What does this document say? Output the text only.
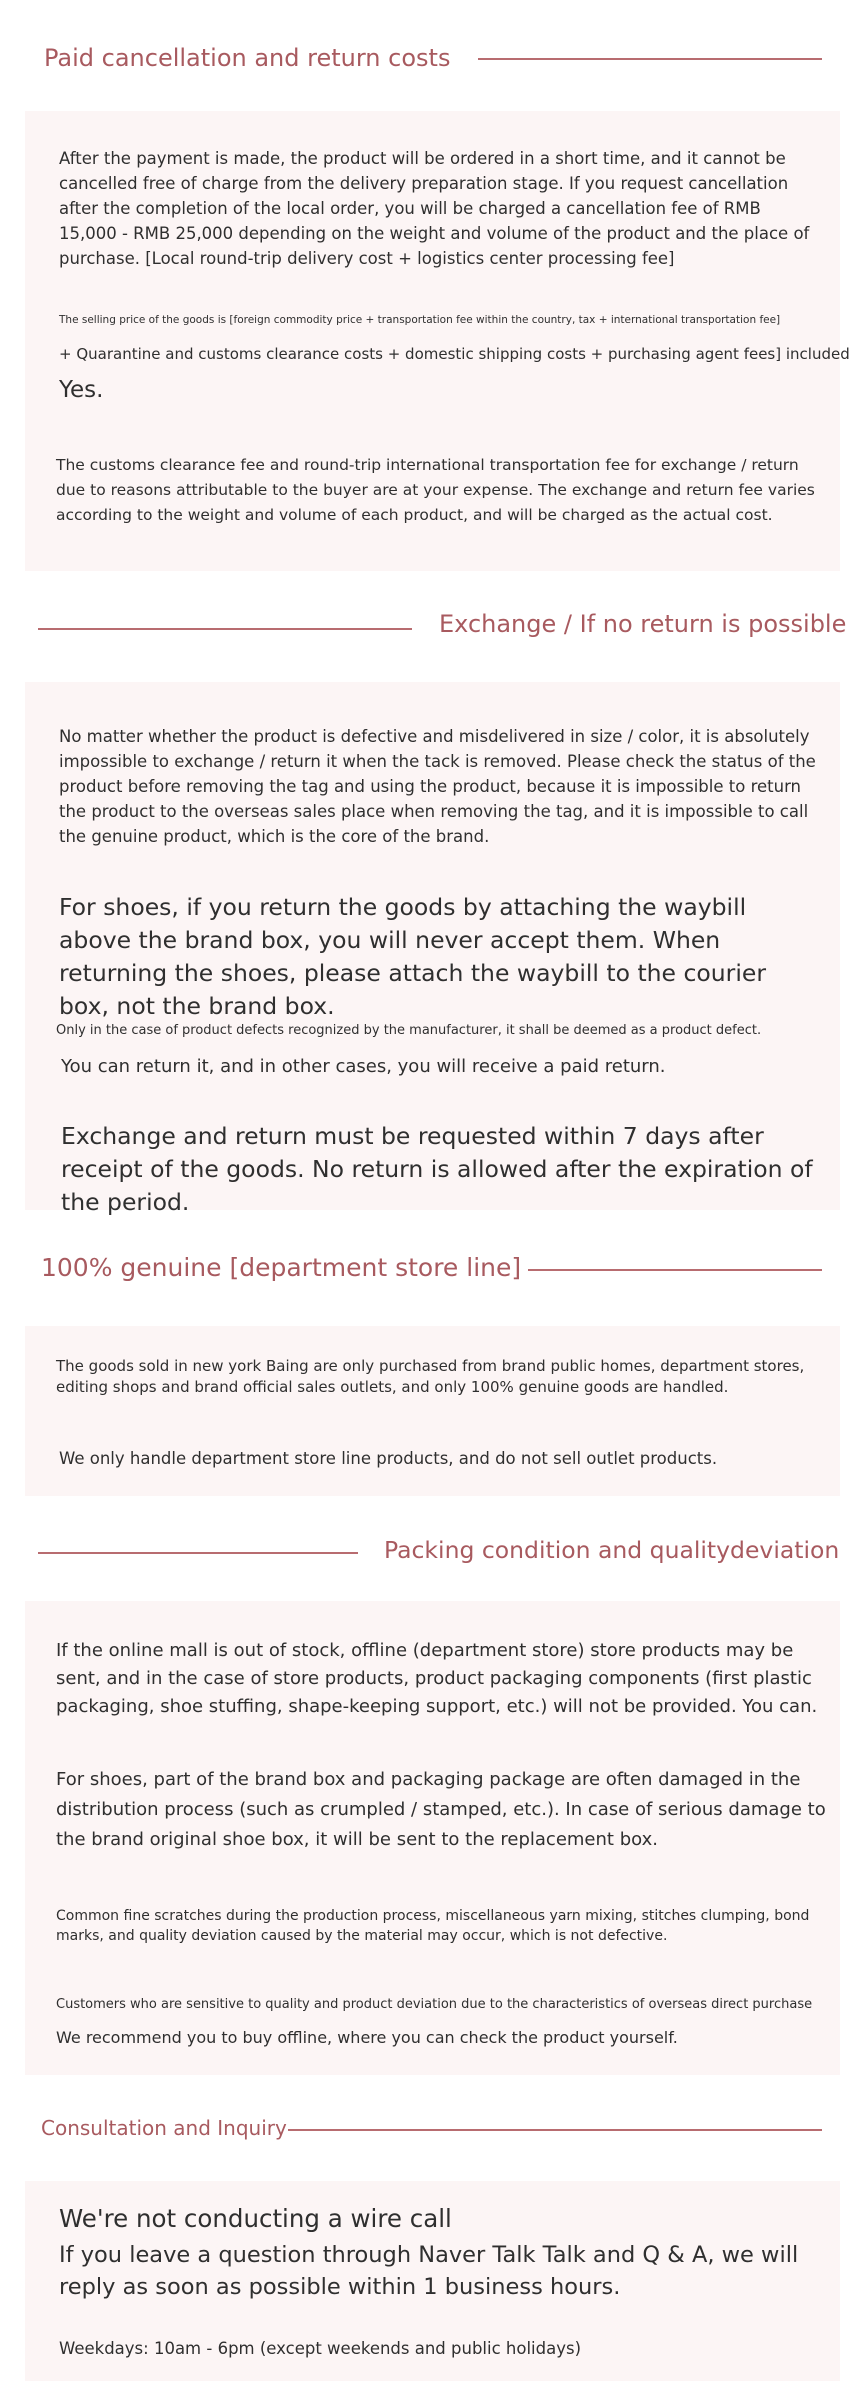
Paid cancellation and return costs
After the payment is made, the product will be ordered in a short time, and it cannot be cancelled free of charge from the delivery preparation stage. If you request cancellation after the completion of the local order, you will be charged a cancellation fee of RMB 15,000 - RMB 25,000 depending on the weight and volume of the product and the place of purchase. [Local round-trip delivery cost + logistics center processing fee]
The selling price of the goods is [foreign commodity price + transportation fee within the country, tax + international transportation fee]
+ Quarantine and customs clearance costs + domestic shipping costs + purchasing agent fees] included
Yes.
The customs clearance fee and round-trip international transportation fee for exchange / return due to reasons attributable to the buyer are at your expense. The exchange and return fee varies according to the weight and volume of each product, and will be charged as the actual cost.
Exchange / If no return is possible
No matter whether the product is defective and misdelivered in size / color, it is absolutely impossible to exchange / return it when the tack is removed. Please check the status of the product before removing the tag and using the product, because it is impossible to return the product to the overseas sales place when removing the tag, and it is impossible to call the genuine product, which is the core of the brand.
For shoes, if you return the goods by attaching the waybill above the brand box, you will never accept them. When returning the shoes, please attach the waybill to the courier box, not the brand box.
Only in the case of product defects recognized by the manufacturer, it shall be deemed as a product defect.
You can return it, and in other cases, you will receive a paid return.
Exchange and return must be requested within 7 days after receipt of the goods. No return is allowed after the expiration of the period.
100% genuine [department store line]
The goods sold in new york Baing are only purchased from brand public homes, department stores, editing shops and brand official sales outlets, and only 100% genuine goods are handled.
We only handle department store line products, and do not sell outlet products.
Packing condition and qualitydeviation
If the online mall is out of stock, offline (department store) store products may be sent, and in the case of store products, product packaging components (first plastic packaging, shoe stuffing, shape-keeping support, etc.) will not be provided. You can.
For shoes, part of the brand box and packaging package are often damaged in the distribution process (such as crumpled / stamped, etc.). In case of serious damage to the brand original shoe box, it will be sent to the replacement box.
Common fine scratches during the production process, miscellaneous yarn mixing, stitches clumping, bond marks, and quality deviation caused by the material may occur, which is not defective.
Customers who are sensitive to quality and product deviation due to the characteristics of overseas direct purchase
We recommend you to buy offline, where you can check the product yourself.
Consultation and Inquiry
We're not conducting a wire call
If you leave a question through Naver Talk Talk and Q & A, we will reply as soon as possible within 1 business hours.
Weekdays: 10am - 6pm (except weekends and public holidays)
